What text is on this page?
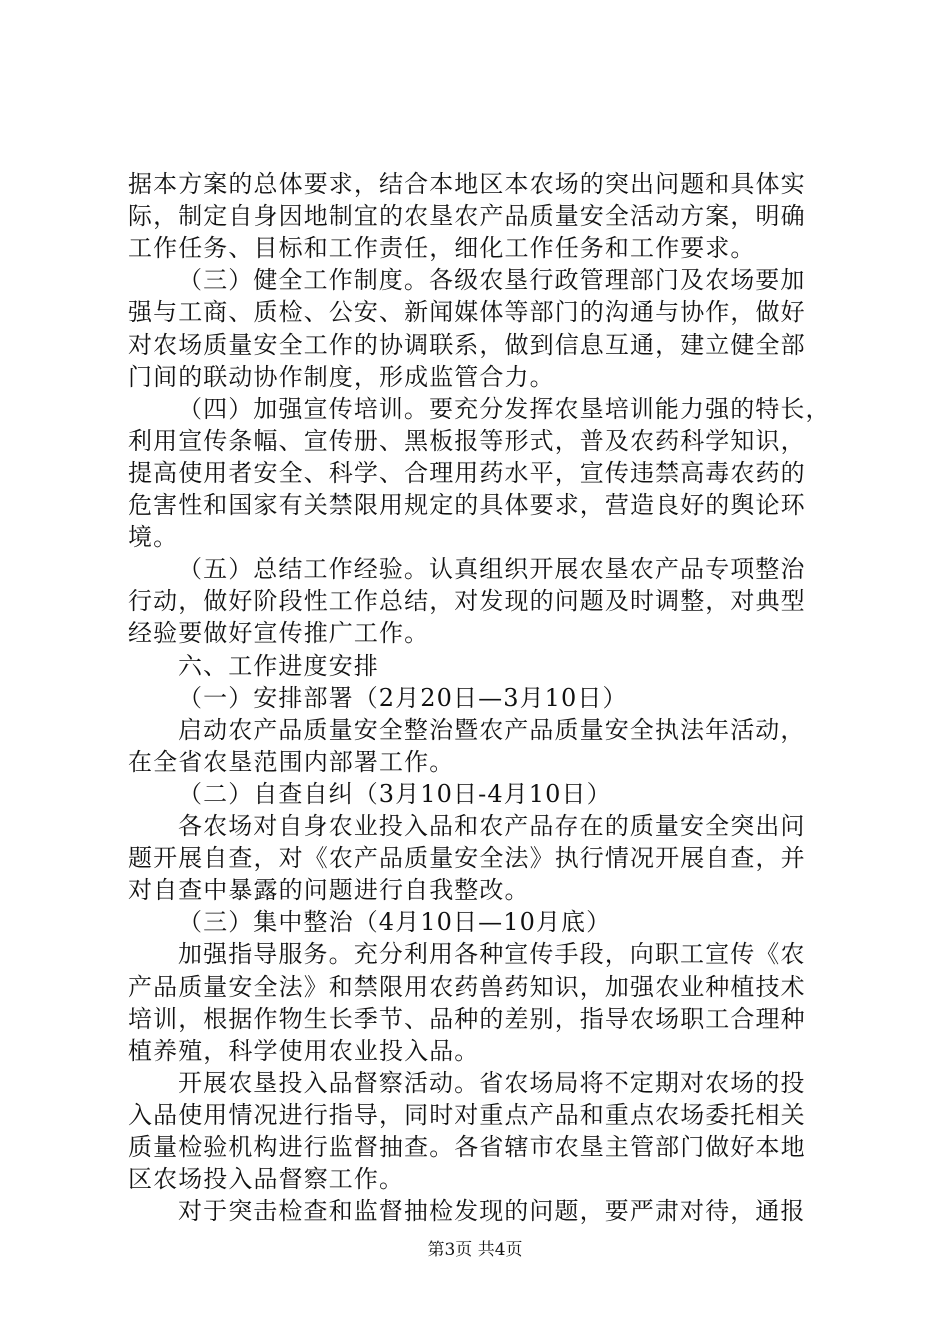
据本方案的总体要求，结合本地区本农场的突出问题和具体实
际，制定自身因地制宜的农垦农产品质量安全活动方案，明确
工作任务、目标和工作责任，细化工作任务和工作要求。
（三）健全工作制度。各级农垦行政管理部门及农场要加
强与工商、质检、公安、新闻媒体等部门的沟通与协作，做好
对农场质量安全工作的协调联系，做到信息互通，建立健全部
门间的联动协作制度，形成监管合力。
（四）加强宣传培训。要充分发挥农垦培训能力强的特长，
利用宣传条幅、宣传册、黑板报等形式，普及农药科学知识，
提高使用者安全、科学、合理用药水平，宣传违禁高毒农药的
危害性和国家有关禁限用规定的具体要求，营造良好的舆论环
境。
（五）总结工作经验。认真组织开展农垦农产品专项整治
行动，做好阶段性工作总结，对发现的问题及时调整，对典型
经验要做好宣传推广工作。
六、工作进度安排
（一）安排部署（2月20日—3月10日）
启动农产品质量安全整治暨农产品质量安全执法年活动，
在全省农垦范围内部署工作。
（二）自查自纠（3月10日-4月10日）
各农场对自身农业投入品和农产品存在的质量安全突出问
题开展自查，对《农产品质量安全法》执行情况开展自查，并
对自查中暴露的问题进行自我整改。
（三）集中整治（4月10日—10月底）
加强指导服务。充分利用各种宣传手段，向职工宣传《农
产品质量安全法》和禁限用农药兽药知识，加强农业种植技术
培训，根据作物生长季节、品种的差别，指导农场职工合理种
植养殖，科学使用农业投入品。
开展农垦投入品督察活动。省农场局将不定期对农场的投
入品使用情况进行指导，同时对重点产品和重点农场委托相关
质量检验机构进行监督抽查。各省辖市农垦主管部门做好本地
区农场投入品督察工作。
对于突击检查和监督抽检发现的问题，要严肃对待，通报
第3页 共4页
